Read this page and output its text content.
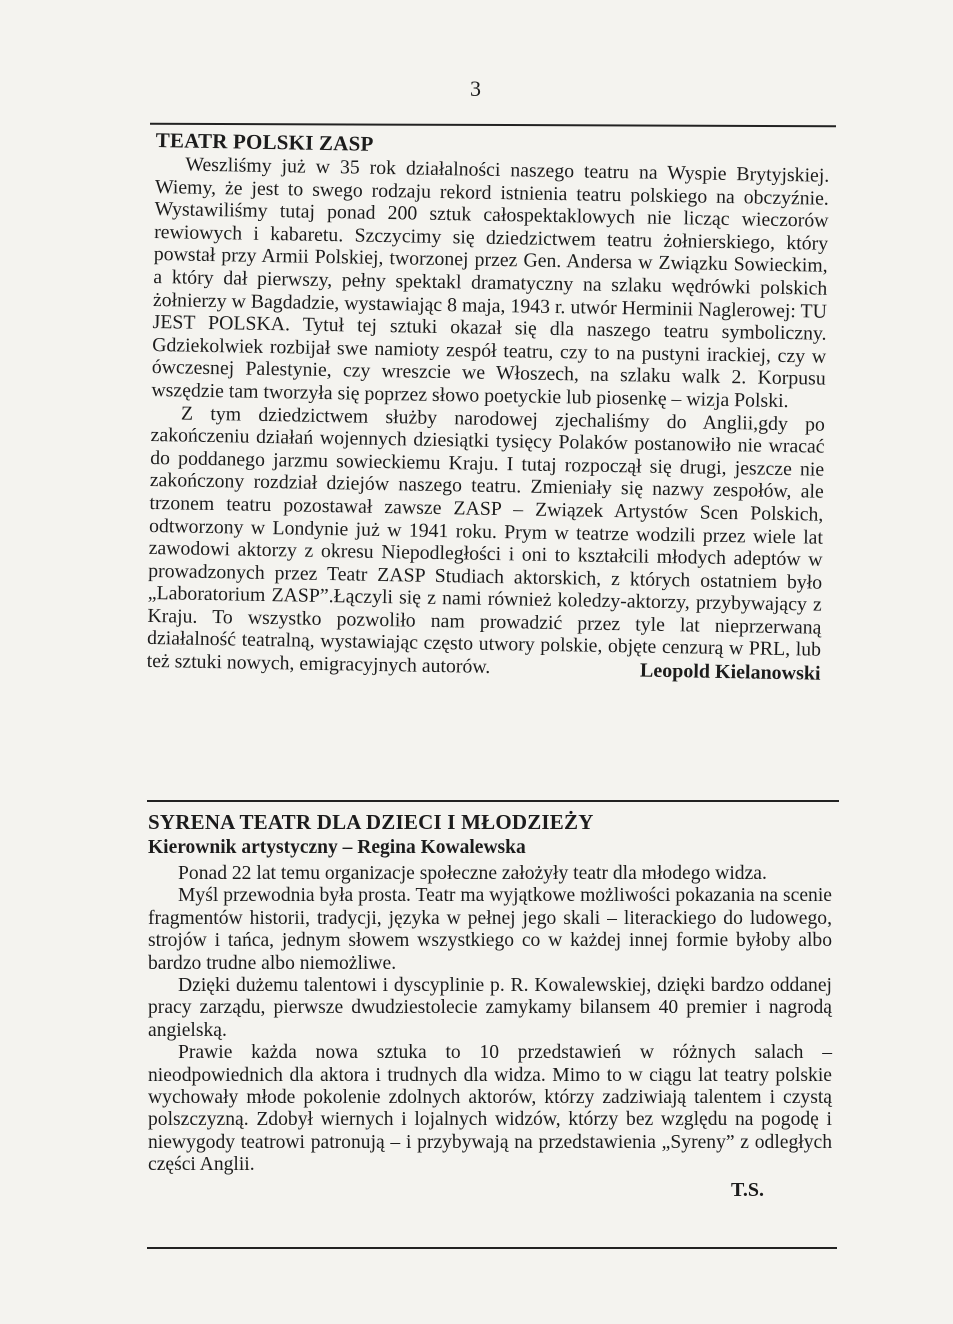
3
TEATR POLSKI ZASP

Weszliśmy już w 35 rok działalności naszego teatru na Wyspie Brytyjskiej. Wiemy, że jest to swego rodzaju rekord istnienia teatru polskiego na obczyźnie. Wystawiliśmy tutaj ponad 200 sztuk całospektaklowych nie licząc wieczorów rewiowych i kabaretu. Szczycimy się dziedzictwem teatru żołnierskiego, który powstał przy Armii Polskiej, tworzonej przez Gen. Andersa w Związku Sowieckim, a który dał pierwszy, pełny spektakl dramatyczny na szlaku wędrówki polskich żołnierzy w Bagdadzie, wystawiając 8 maja, 1943 r. utwór Herminii Naglerowej: TU JEST POLSKA. Tytuł tej sztuki okazał się dla naszego teatru symboliczny. Gdziekolwiek rozbijał swe namioty zespół teatru, czy to na pustyni irackiej, czy w ówczesnej Palestynie, czy wreszcie we Włoszech, na szlaku walk 2. Korpusu wszędzie tam tworzyła się poprzez słowo poetyckie lub piosenkę – wizja Polski.

Z tym dziedzictwem służby narodowej zjechaliśmy do Anglii,gdy po zakończeniu działań wojennych dziesiątki tysięcy Polaków postanowiło nie wracać do poddanego jarzmu sowieckiemu Kraju. I tutaj rozpoczął się drugi, jeszcze nie zakończony rozdział dziejów naszego teatru. Zmieniały się nazwy zespołów, ale trzonem teatru pozostawał zawsze ZASP – Związek Artystów Scen Polskich, odtworzony w Londynie już w 1941 roku. Prym w teatrze wodzili przez wiele lat zawodowi aktorzy z okresu Niepodległości i oni to kształcili młodych adeptów w prowadzonych przez Teatr ZASP Studiach aktorskich, z których ostatniem było „Laboratorium ZASP”.Łączyli się z nami również koledzy-aktorzy, przybywający z Kraju. To wszystko pozwoliło nam prowadzić przez tyle lat nieprzerwaną działalność teatralną, wystawiając często utwory polskie, objęte cenzurą w PRL, lub też sztuki nowych, emigracyjnych autorów.	Leopold Kielanowski

SYRENA TEATR DLA DZIECI I MŁODZIEŻY
Kierownik artystyczny – Regina Kowalewska

Ponad 22 lat temu organizacje społeczne założyły teatr dla młodego widza.

Myśl przewodnia była prosta. Teatr ma wyjątkowe możliwości pokazania na scenie fragmentów historii, tradycji, języka w pełnej jego skali – literackiego do ludowego, strojów i tańca, jednym słowem wszystkiego co w każdej innej formie byłoby albo bardzo trudne albo niemożliwe.

Dzięki dużemu talentowi i dyscyplinie p. R. Kowalewskiej, dzięki bardzo oddanej pracy zarządu, pierwsze dwudziestolecie zamykamy bilansem 40 premier i nagrodą angielską.

Prawie każda nowa sztuka to 10 przedstawień w różnych salach – nieodpowiednich dla aktora i trudnych dla widza. Mimo to w ciągu lat teatry polskie wychowały młode pokolenie zdolnych aktorów, którzy zadziwiają talentem i czystą polszczyzną. Zdobył wiernych i lojalnych widzów, którzy bez względu na pogodę i niewygody teatrowi patronują – i przybywają na przedstawienia „Syreny” z odległych części Anglii.

T.S.
